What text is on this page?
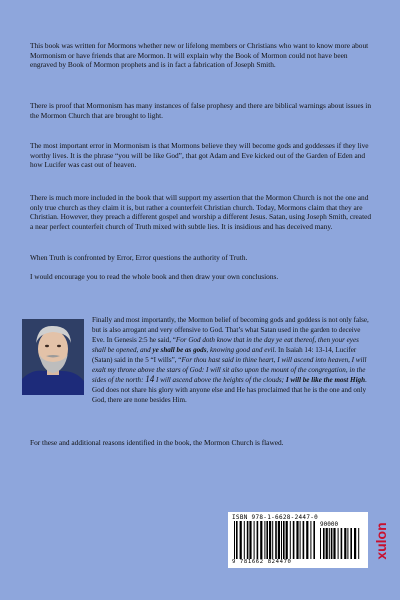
This book was written for Mormons whether new or lifelong members or Christians who want to know more about Mormonism or have friends that are Mormon. It will explain why the Book of Mormon could not have been engraved by Book of Mormon prophets and is in fact a fabrication of Joseph Smith.

There is proof that Mormonism has many instances of false prophesy and there are biblical warnings about issues in the Mormon Church that are brought to light.

The most important error in Mormonism is that Mormons believe they will become gods and goddesses if they live worthy lives. It is the phrase “you will be like God”, that got Adam and Eve kicked out of the Garden of Eden and how Lucifer was cast out of heaven.

There is much more included in the book that will support my assertion that the Mormon Church is not the one and only true church as they claim it is, but rather a counterfeit Christian church. Today, Mormons claim that they are Christian. However, they preach a different gospel and worship a different Jesus. Satan, using Joseph Smith, created a near perfect counterfeit church of Truth mixed with subtle lies. It is insidious and has deceived many.

When Truth is confronted by Error, Error questions the authority of Truth.

I would encourage you to read the whole book and then draw your own conclusions.

Finally and most importantly, the Mormon belief of becoming gods and goddess is not only false, but is also arrogant and very offensive to God. That’s what Satan used in the garden to deceive Eve. In Genesis 2:5 he said, “For God doth know that in the day ye eat thereof, then your eyes shall be opened, and ye shall be as gods, knowing good and evil. In Isaiah 14: 13-14, Lucifer (Satan) said in the 5 “I wills”, “For thou hast said in thine heart, I will ascend into heaven, I will exalt my throne above the stars of God: I will sit also upon the mount of the congregation, in the sides of the north: 14 I will ascend above the heights of the clouds; I will be like the most High. God does not share his glory with anyone else and He has proclaimed that he is the one and only God, there are none besides Him.

For these and additional reasons identified in the book, the Mormon Church is flawed.

ISBN 978-1-6628-2447-0
90000
9 781662 824470
xulon
